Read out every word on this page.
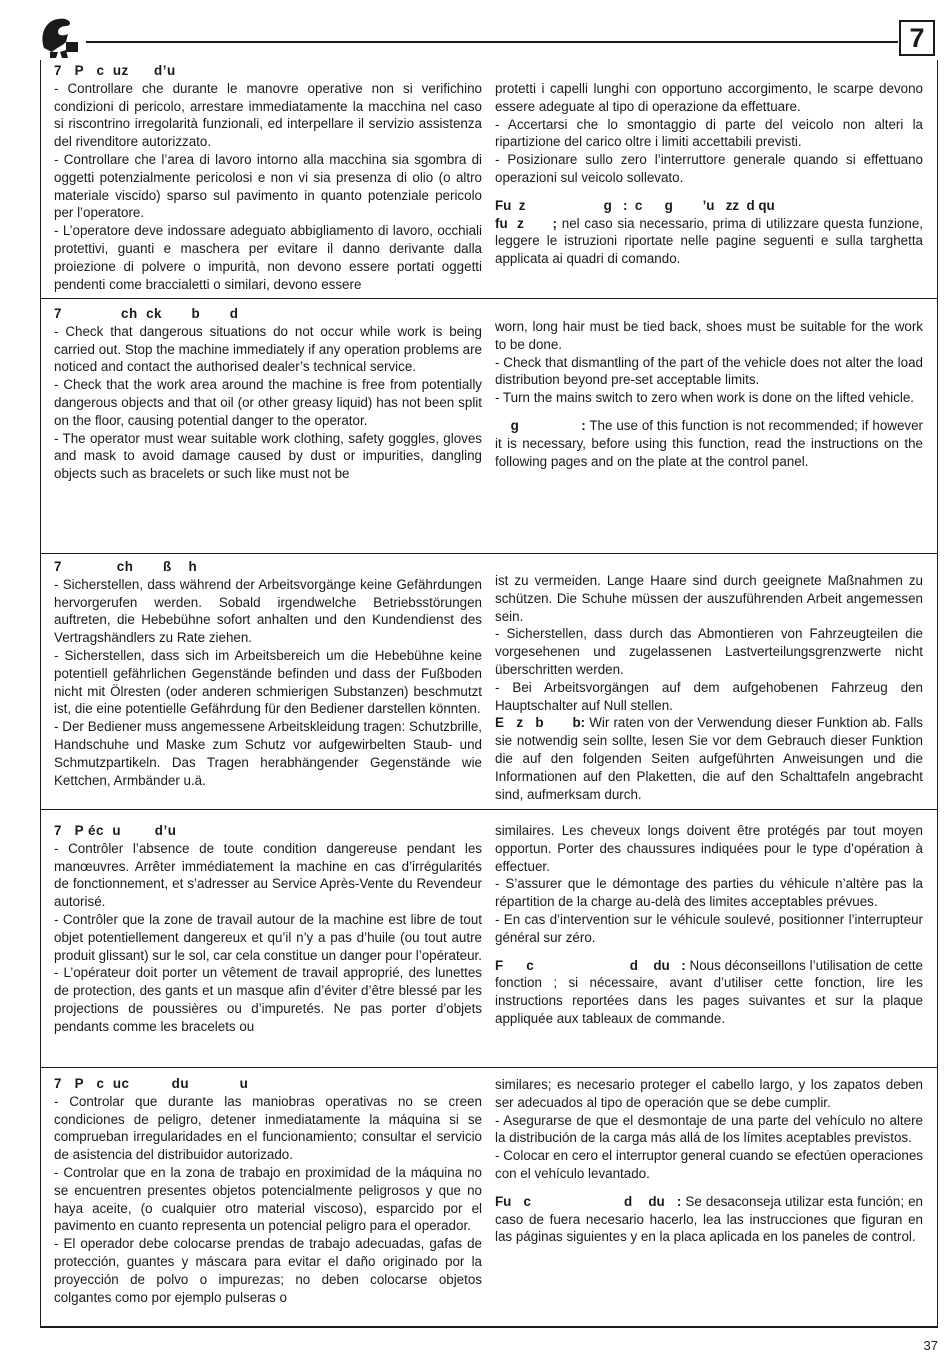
7

7   P   c  uz      d’u

- Controllare che durante le manovre operative non si verifichino condizioni di pericolo, arrestare immediatamente la macchina nel caso si riscontrino irregolarità funzionali, ed interpellare il servizio assistenza del rivenditore autorizzato.

- Controllare che l’area di lavoro intorno alla macchina sia sgombra di oggetti potenzialmente pericolosi e non vi sia presenza di olio (o altro materiale viscido) sparso sul pavimento in quanto potenziale pericolo per l’operatore.

- L’operatore deve indossare adeguato abbigliamento di lavoro, occhiali protettivi, guanti e maschera per evitare il danno derivante dalla proiezione di polvere o impurità, non devono essere portati oggetti pendenti come braccialetti o similari, devono essere

protetti i capelli lunghi con opportuno accorgimento, le scarpe devono essere adeguate al tipo di operazione da effettuare.

- Accertarsi che lo smontaggio di parte del veicolo non alteri la ripartizione del carico oltre i limiti accettabili previsti.

- Posizionare sullo zero l’interruttore generale quando si effettuano operazioni sul veicolo sollevato.

Fu  z                     g   :  c      g        ’u   zz  d qu
fu  z      ; nel caso sia necessario, prima di utilizzare questa funzione, leggere le istruzioni riportate nelle pagine seguenti e sulla targhetta applicata ai quadri di comando.

7              ch  ck       b       d

- Check that dangerous situations do not occur while work is being carried out. Stop the machine immediately if any operation problems are noticed and contact the authorised dealer’s technical service.

- Check that the work area around the machine is free from potentially dangerous objects and that oil (or other greasy liquid) has not been split on the floor, causing potential danger to the operator.

- The operator must wear suitable work clothing, safety goggles, gloves and mask to avoid damage caused by dust or impurities, dangling objects such as bracelets or such like must not be

worn, long hair must be tied back, shoes must be suitable for the work to be done.

- Check that dismantling of the part of the vehicle does not alter the load distribution beyond pre-set acceptable limits.

- Turn the mains switch to zero when work is done on the lifted vehicle.

g                : The use of this function is not recommended; if however it is necessary, before using this function, read the instructions on the following pages and on the plate at the control panel.

7             ch       ß    h

- Sicherstellen, dass während der Arbeitsvorgänge keine Gefährdungen hervorgerufen werden. Sobald irgendwelche Betriebsstörungen auftreten, die Hebebühne sofort anhalten und den Kundendienst des Vertragshändlers zu Rate ziehen.

- Sicherstellen, dass sich im Arbeitsbereich um die Hebebühne keine potentiell gefährlichen Gegenstände befinden und dass der Fußboden nicht mit Ölresten (oder anderen schmierigen Substanzen) beschmutzt ist, die eine potentielle Gefährdung für den Bediener darstellen könnten.

- Der Bediener muss angemessene Arbeitskleidung tragen: Schutzbrille, Handschuhe und Maske zum Schutz vor aufgewirbelten Staub- und Schmutzpartikeln. Das Tragen herabhängender Gegenstände wie Kettchen, Armbänder u.ä.

ist zu vermeiden. Lange Haare sind durch geeignete Maßnahmen zu schützen. Die Schuhe müssen der auszuführenden Arbeit angemessen sein.

- Sicherstellen, dass durch das Abmontieren von Fahrzeugteilen die vorgesehenen und zugelassenen Lastverteilungsgrenzwerte nicht überschritten werden.

- Bei Arbeitsvorgängen auf dem aufgehobenen Fahrzeug den Hauptschalter auf Null stellen.

E   z   b       b: Wir raten von der Verwendung dieser Funktion ab. Falls sie notwendig sein sollte, lesen Sie vor dem Gebrauch dieser Funktion die auf den folgenden Seiten aufgeführten Anweisungen und die Informationen auf den Plaketten, die auf den Schalttafeln angebracht sind, aufmerksam durch.

7   P éc  u        d’u

- Contrôler l’absence de toute condition dangereuse pendant les manœuvres. Arrêter immédiatement la machine en cas d’irrégularités de fonctionnement, et s’adresser au Service Après-Vente du Revendeur autorisé.

- Contrôler que la zone de travail autour de la machine est libre de tout objet potentiellement dangereux et qu’il n’y a pas d’huile (ou tout autre produit glissant) sur le sol, car cela constitue un danger pour l’opérateur.

- L’opérateur doit porter un vêtement de travail approprié, des lunettes de protection, des gants et un masque afin d’éviter d’être blessé par les projections de poussières ou d’impuretés. Ne pas porter d’objets pendants comme les bracelets ou

similaires. Les cheveux longs doivent être protégés par tout moyen opportun. Porter des chaussures indiquées pour le type d’opération à effectuer.

- S’assurer que le démontage des parties du véhicule n’altère pas la répartition de la charge au-delà des limites acceptables prévues.

- En cas d’intervention sur le véhicule soulevé, positionner l’interrupteur général sur zéro.

F      c                         d    du   : Nous déconseillons l’utilisation de cette fonction ; si nécessaire, avant d’utiliser cette fonction, lire les instructions reportées dans les pages suivantes et sur la plaque appliquée aux tableaux de commande.

7   P   c  uc          du            u

- Controlar que durante las maniobras operativas no se creen condiciones de peligro, detener inmediatamente la máquina si se comprueban irregularidades en el funcionamiento; consultar el servicio de asistencia del distribuidor autorizado.

- Controlar que en la zona de trabajo en proximidad de la máquina no se encuentren presentes objetos potencialmente peligrosos y que no haya aceite, (o cualquier otro material viscoso), esparcido por el pavimento en cuanto representa un potencial peligro para el operador.

- El operador debe colocarse prendas de trabajo adecuadas, gafas de protección, guantes y máscara para evitar el daño originado por la proyección de polvo o impurezas; no deben colocarse objetos colgantes como por ejemplo pulseras o

similares; es necesario proteger el cabello largo, y los zapatos deben ser adecuados al tipo de operación que se debe cumplir.

- Asegurarse de que el desmontaje de una parte del vehículo no altere la distribución de la carga más allá de los límites aceptables previstos.

- Colocar en cero el interruptor general cuando se efectúen operaciones con el vehículo levantado.

Fu   c                       d    du   : Se desaconseja utilizar esta función; en caso de fuera necesario hacerlo, lea las instrucciones que figuran en las páginas siguientes y en la placa aplicada en los paneles de control.

37
